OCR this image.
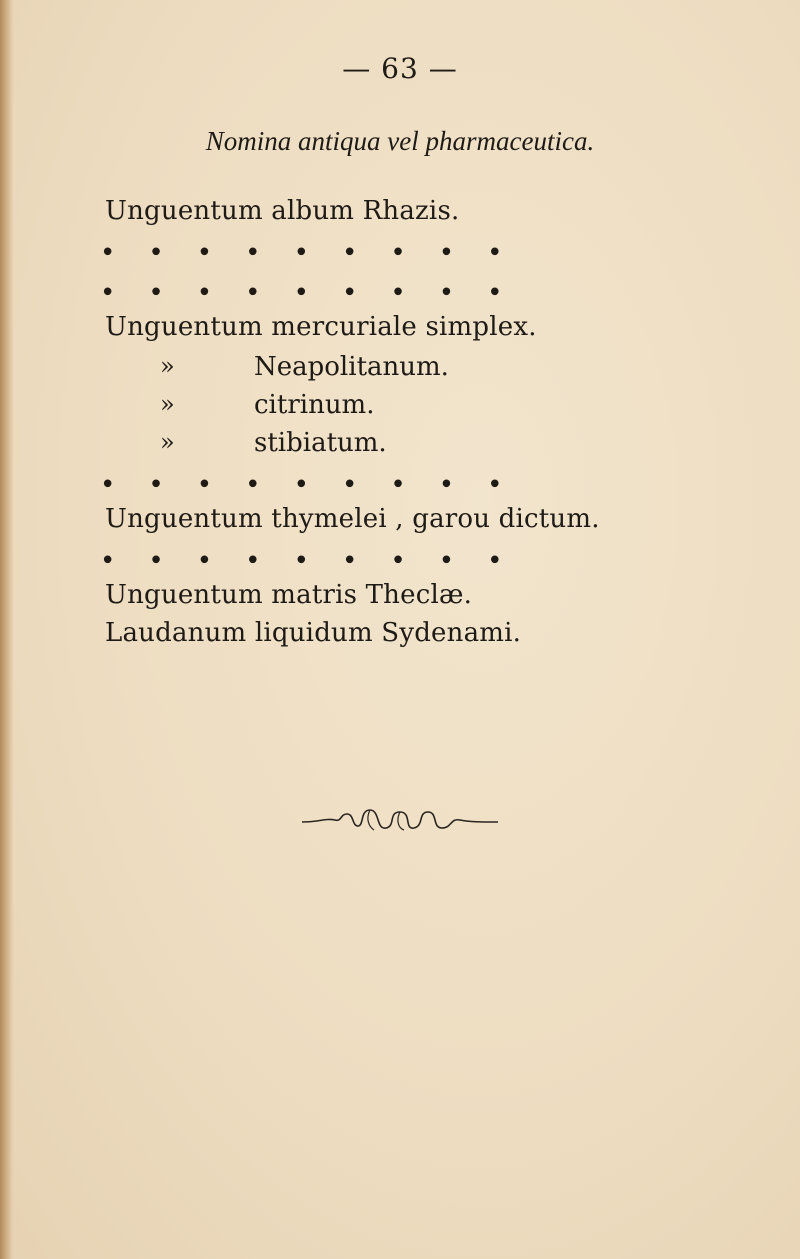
— 63 —
Nomina antiqua vel pharmaceutica.
Unguentum album Rhazis.
•    •    •    •    •    •    •    •    •
•    •    •    •    •    •    •    •    •
Unguentum mercuriale simplex.
»	Neapolitanum.
»	citrinum.
»	stibiatum.
•    •    •    •    •    •    •    •    •
Unguentum thymelei , garou dictum.
•    •    •    •    •    •    •    •    •
Unguentum matris Theclæ.
Laudanum liquidum Sydenami.
